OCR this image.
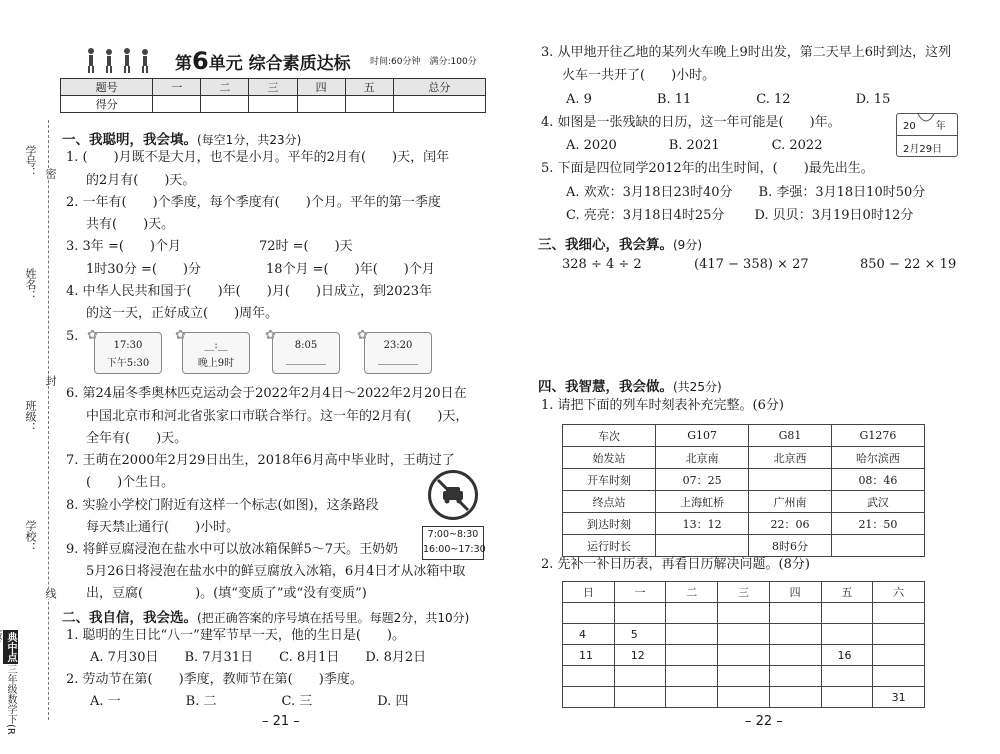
学号： 密
姓名：
封
班级：
学校：
线
典中点三年级数学下(R
第6单元 综合素质达标 时间:60分钟　满分:100分
题号	一	二	三	四	五	总分
得分						
一、我聪明，我会填。(每空1分，共23分)
1. (　　)月既不是大月，也不是小月。平年的2月有(　　)天，闰年
的2月有(　　)天。
2. 一年有(　　)个季度，每个季度有(　　)个月。平年的第一季度
共有(　　)天。
3. 3年 =(　　)个月　　　　　　72时 =(　　)天
1时30分 =(　　)分　　　　　18个月 =(　　)年(　　)个月
4. 中华人民共和国于(　　)年(　　)月(　　)日成立，到2023年
的这一天，正好成立(　　)周年。
5. ✿
17:30
下午5:30
✿
__:__
晚上9时
✿
8:05
________
✿
23:20
________
6. 第24届冬季奥林匹克运动会于2022年2月4日～2022年2月20日在
中国北京市和河北省张家口市联合举行。这一年的2月有(　　)天，
全年有(　　)天。
7. 王萌在2000年2月29日出生，2018年6月高中毕业时，王萌过了
(　　)个生日。
8. 实验小学校门附近有这样一个标志(如图)，这条路段
每天禁止通行(　　)小时。	7:00~8:30
16:00~17:30
9. 将鲜豆腐浸泡在盐水中可以放冰箱保鲜5～7天。王奶奶
5月26日将浸泡在盐水中的鲜豆腐放入冰箱，6月4日才从冰箱中取
出，豆腐(　　　　)。(填“变质了”或“没有变质”)
二、我自信，我会选。(把正确答案的序号填在括号里。每题2分，共10分)
1. 聪明的生日比“八一”建军节早一天，他的生日是(　　)。
A. 7月30日　　B. 7月31日　　C. 8月1日　　D. 8月2日
2. 劳动节在第(　　)季度，教师节在第(　　)季度。
A. 一　　　　　B. 二　　　　　C. 三　　　　　D. 四
– 21 –
3. 从甲地开往乙地的某列火车晚上9时出发，第二天早上6时到达，这列
火车一共开了(　　)小时。
A. 9　　　　　B. 11　　　　　C. 12　　　　　D. 15
4. 如图是一张残缺的日历，这一年可能是(　　)年。	20　　年
2月29日
A. 2020　　　　B. 2021　　　　C. 2022
5. 下面是四位同学2012年的出生时间，(　　)最先出生。
A. 欢欢：3月18日23时40分　　B. 李强：3月18日10时50分
C. 亮亮：3月18日4时25分　　 D. 贝贝：3月19日0时12分
三、我细心，我会算。(9分)
328 ÷ 4 ÷ 2	(417 − 358) × 27	850 − 22 × 19
四、我智慧，我会做。(共25分)
1. 请把下面的列车时刻表补充完整。(6分)
车次	G107	G81	G1276
始发站	北京南	北京西	哈尔滨西
开车时刻	07：25		08：46
终点站	上海虹桥	广州南	武汉
到达时刻	13：12	22：06	21：50
运行时长		8时6分	
2. 先补一补日历表，再看日历解决问题。(8分)
日	一	二	三	四	五	六

4	5					
11	12				16	

						31
– 22 –
